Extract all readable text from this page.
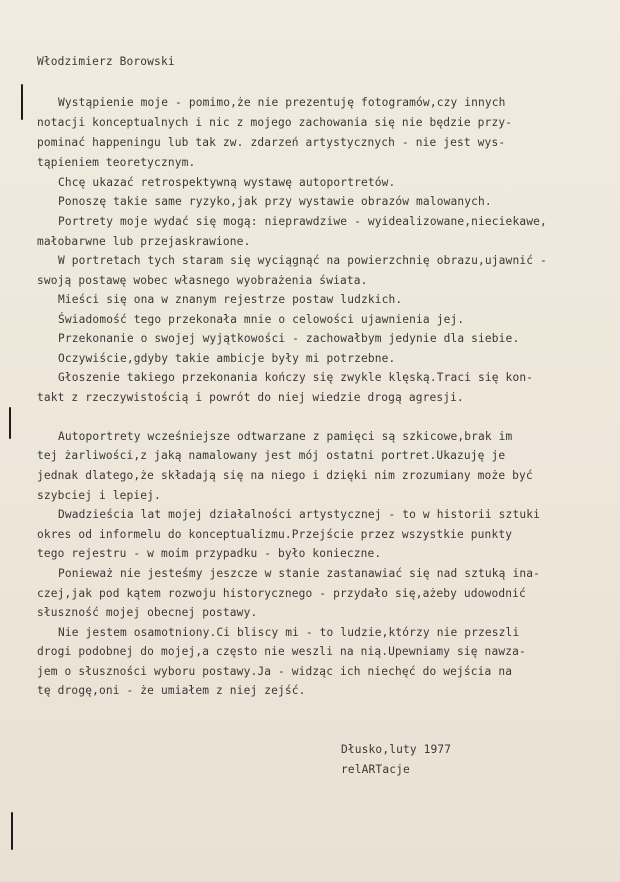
Włodzimierz Borowski
Wystąpienie moje - pomimo,że nie prezentuję fotogramów,czy innych
notacji konceptualnych i nic z mojego zachowania się nie będzie przy-
pominać happeningu lub tak zw. zdarzeń artystycznych - nie jest wys-
tąpieniem teoretycznym.
Chcę ukazać retrospektywną wystawę autoportretów.
Ponoszę takie same ryzyko,jak przy wystawie obrazów malowanych.
Portrety moje wydać się mogą: nieprawdziwe - wyidealizowane,nieciekawe,
małobarwne lub przejaskrawione.
W portretach tych staram się wyciągnąć na powierzchnię obrazu,ujawnić -
swoją postawę wobec własnego wyobrażenia świata.
Mieści się ona w znanym rejestrze postaw ludzkich.
Świadomość tego przekonała mnie o celowości ujawnienia jej.
Przekonanie o swojej wyjątkowości - zachowałbym jedynie dla siebie.
Oczywiście,gdyby takie ambicje były mi potrzebne.
Głoszenie takiego przekonania kończy się zwykle klęską.Traci się kon-
takt z rzeczywistością i powrót do niej wiedzie drogą agresji.
Autoportrety wcześniejsze odtwarzane z pamięci są szkicowe,brak im
tej żarliwości,z jaką namalowany jest mój ostatni portret.Ukazuję je
jednak dlatego,że składają się na niego i dzięki nim zrozumiany może być
szybciej i lepiej.
Dwadzieścia lat mojej działalności artystycznej - to w historii sztuki
okres od informelu do konceptualizmu.Przejście przez wszystkie punkty
tego rejestru - w moim przypadku - było konieczne.
Ponieważ nie jesteśmy jeszcze w stanie zastanawiać się nad sztuką ina-
czej,jak pod kątem rozwoju historycznego - przydało się,ażeby udowodnić
słuszność mojej obecnej postawy.
Nie jestem osamotniony.Ci bliscy mi - to ludzie,którzy nie przeszli
drogi podobnej do mojej,a często nie weszli na nią.Upewniamy się nawza-
jem o słuszności wyboru postawy.Ja - widząc ich niechęć do wejścia na
tę drogę,oni - że umiałem z niej zejść.
Dłusko,luty 1977
relARTacje
